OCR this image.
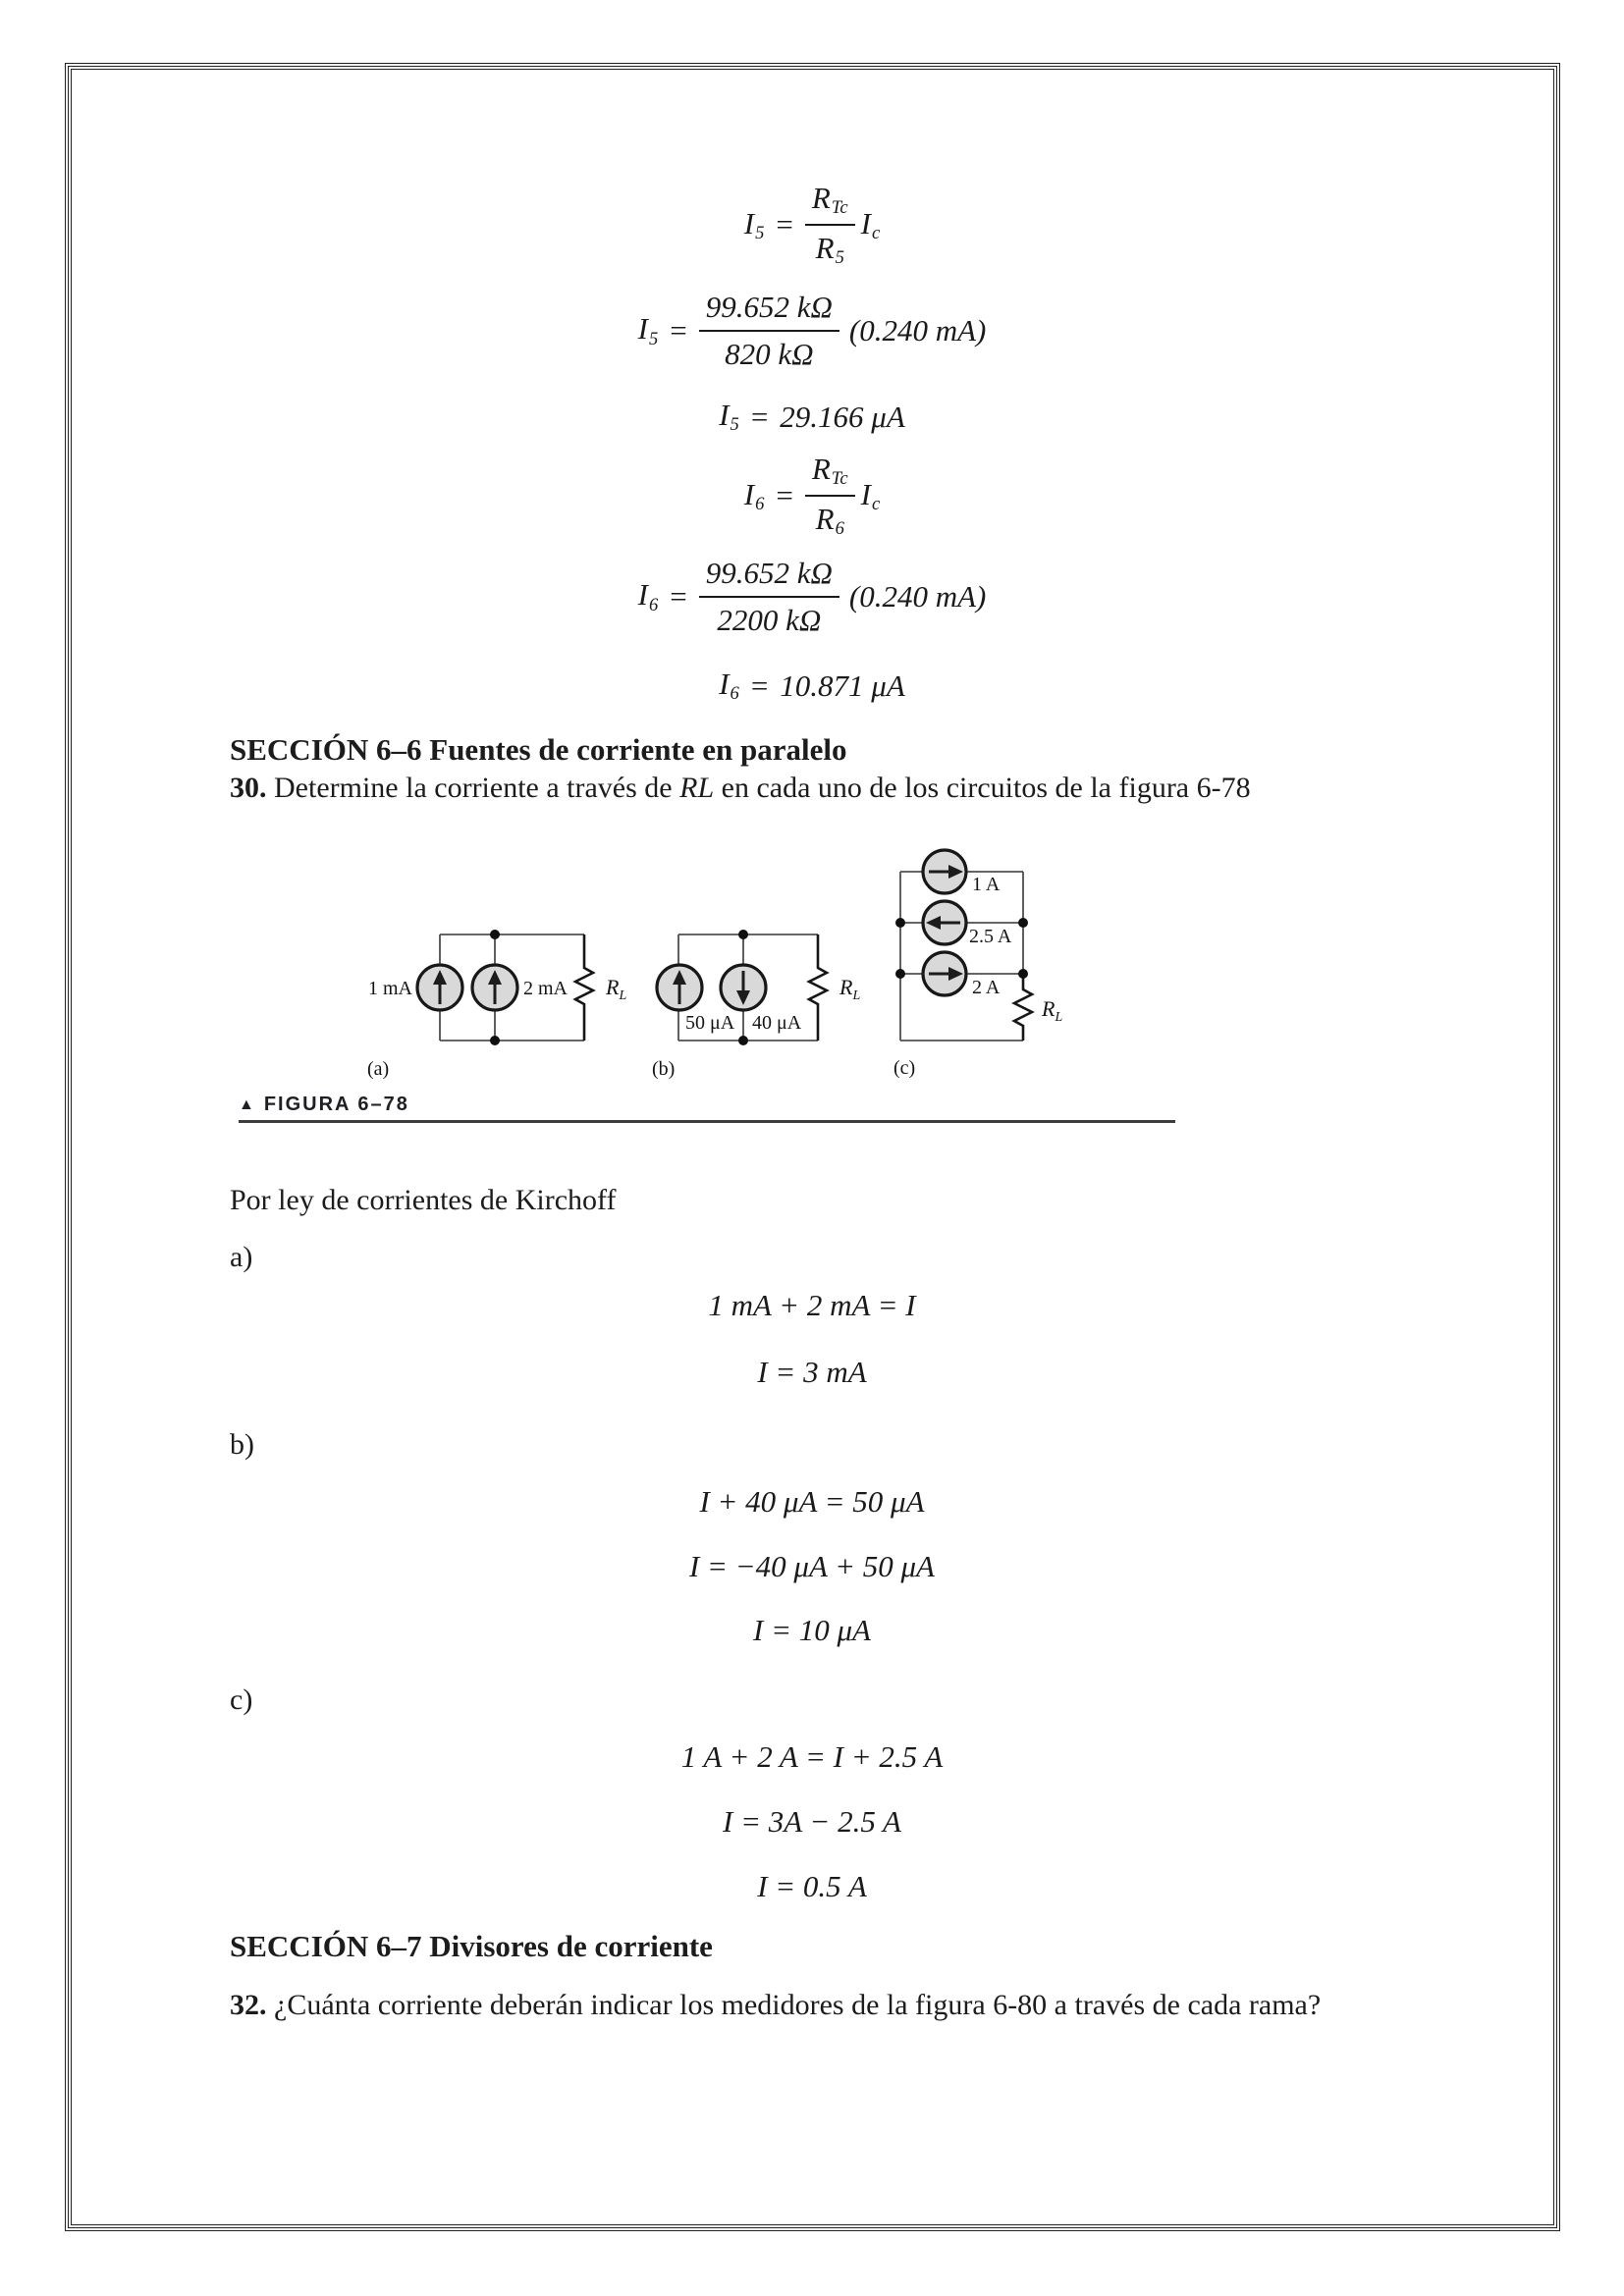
$I5 = \frac{\text{RTc}}{R5}$ Ic
$I5 = \frac{99.652 k\Omega}{820 k\Omega} (0.240$ mA)
I5 = 29.166 μA
$I6 = \frac{\text{RTc}}{R6}$ Ic
$I6 = \frac{99.652 k\Omega}{2200 k\Omega} (0.240$ mA)
I6 = 10.871 μA
SECCIÓN 6–6 Fuentes de corriente en paralelo
30. Determine la corriente a través de RL en cada uno de los circuitos de la figura 6-78
1 mA	2 mA $R_L$
(a)
50 μA 40 μA
$R_L$
(b)
1 A
2.5 A
2 A
$R_L$
(c)
▲ FIGURA 6–78
Por ley de corrientes de Kirchoff
a)
1 mA + 2 mA = I
I = 3 mA
b)
I + 40 μA = 50 μA
I = −40 μA + 50 μA
I = 10 μA
c)
1 A + 2 A = I + 2.5 A
I = 3A − 2.5 A
I = 0.5 A
SECCIÓN 6–7 Divisores de corriente
32. ¿Cuánta corriente deberán indicar los medidores de la figura 6-80 a través de cada rama?
